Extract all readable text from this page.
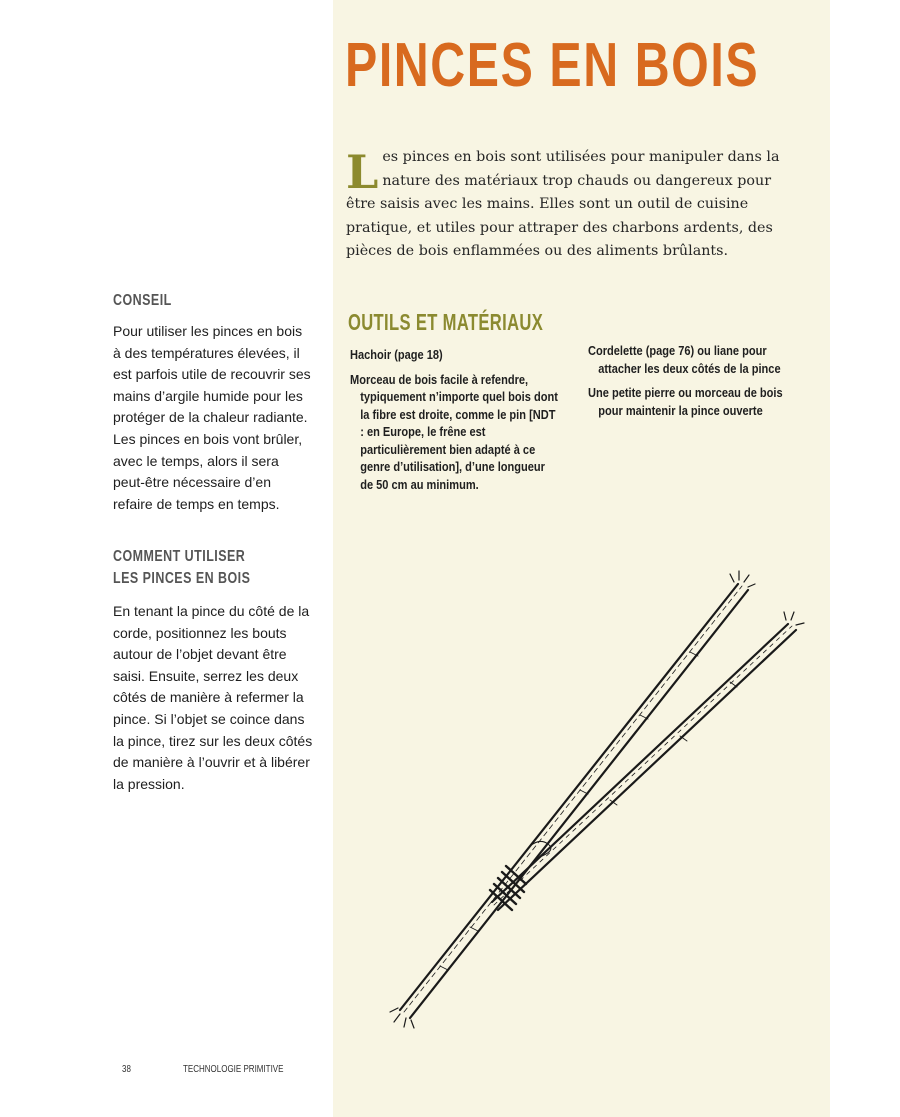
PINCES EN BOIS
Les pinces en bois sont utilisées pour manipuler dans la nature des matériaux trop chauds ou dangereux pour être saisis avec les mains. Elles sont un outil de cuisine pratique, et utiles pour attraper des charbons ardents, des pièces de bois enflammées ou des aliments brûlants.
OUTILS ET MATÉRIAUX

Hachoir (page 18)

Morceau de bois facile à refendre, typiquement n’importe quel bois dont la fibre est droite, comme le pin [NDT : en Europe, le frêne est particulièrement bien adapté à ce genre d’utilisation], d’une longueur de 50 cm au minimum.

Cordelette (page 76) ou liane pour attacher les deux côtés de la pince

Une petite pierre ou morceau de bois pour maintenir la pince ouverte

CONSEIL

Pour utiliser les pinces en bois à des températures élevées, il est parfois utile de recouvrir ses mains d’argile humide pour les protéger de la chaleur radiante. Les pinces en bois vont brûler, avec le temps, alors il sera peut-être nécessaire d’en refaire de temps en temps.

COMMENT UTILISER
LES PINCES EN BOIS

En tenant la pince du côté de la corde, positionnez les bouts autour de l’objet devant être saisi. Ensuite, serrez les deux côtés de manière à refermer la pince. Si l’objet se coince dans la pince, tirez sur les deux côtés de manière à l’ouvrir et à libérer la pression.

38	TECHNOLOGIE PRIMITIVE
